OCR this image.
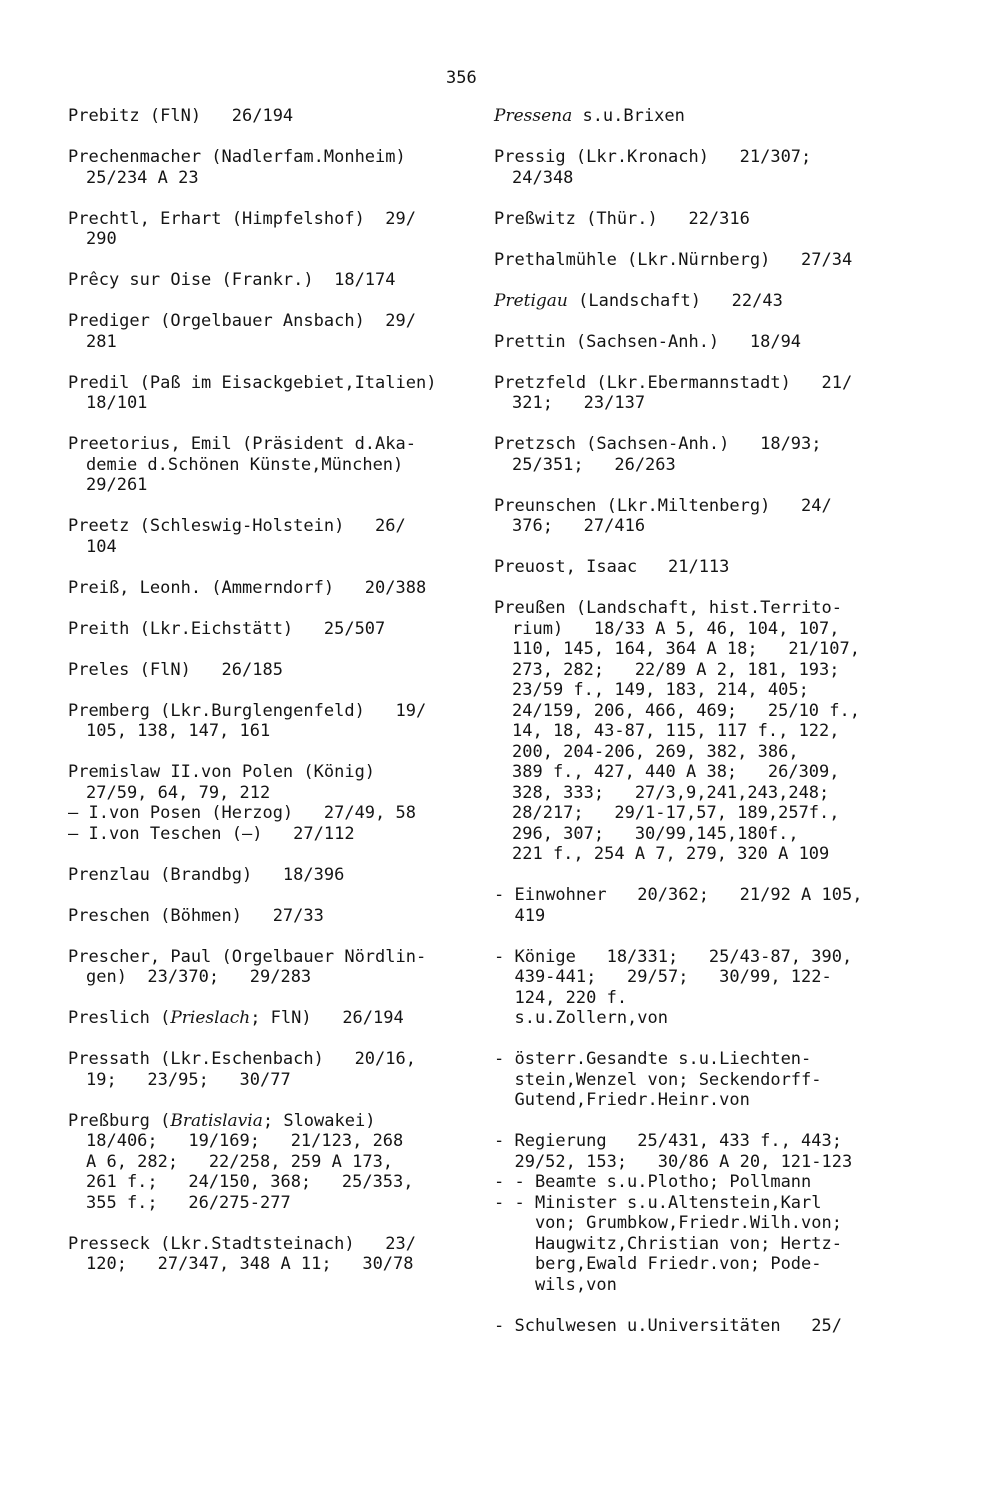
356
Prebitz (FlN)   26/194
Prechenmacher (Nadlerfam.Monheim)
25/234 A 23
Prechtl, Erhart (Himpfelshof)  29/
290
Prêcy sur Oise (Frankr.)  18/174
Prediger (Orgelbauer Ansbach)  29/
281
Predil (Paß im Eisackgebiet,Italien)
18/101
Preetorius, Emil (Präsident d.Aka-
demie d.Schönen Künste,München)
29/261
Preetz (Schleswig-Holstein)   26/
104
Preiß, Leonh. (Ammerndorf)   20/388
Preith (Lkr.Eichstätt)   25/507
Preles (FlN)   26/185
Premberg (Lkr.Burglengenfeld)   19/
105, 138, 147, 161
Premislaw II.von Polen (König)
27/59, 64, 79, 212
— I.von Posen (Herzog)   27/49, 58
— I.von Teschen (—)   27/112
Prenzlau (Brandbg)   18/396
Preschen (Böhmen)   27/33
Prescher, Paul (Orgelbauer Nördlin-
gen)  23/370;   29/283
Preslich (Prieslach; FlN)   26/194
Pressath (Lkr.Eschenbach)   20/16,
19;   23/95;   30/77
Preßburg (Bratislavia; Slowakei)
18/406;   19/169;   21/123, 268
A 6, 282;   22/258, 259 A 173,
261 f.;   24/150, 368;   25/353,
355 f.;   26/275-277
Presseck (Lkr.Stadtsteinach)   23/
120;   27/347, 348 A 11;   30/78
Pressena s.u.Brixen
Pressig (Lkr.Kronach)   21/307;
24/348
Preßwitz (Thür.)   22/316
Prethalmühle (Lkr.Nürnberg)   27/34
Pretigau (Landschaft)   22/43
Prettin (Sachsen-Anh.)   18/94
Pretzfeld (Lkr.Ebermannstadt)   21/
321;   23/137
Pretzsch (Sachsen-Anh.)   18/93;
25/351;   26/263
Preunschen (Lkr.Miltenberg)   24/
376;   27/416
Preuost, Isaac   21/113
Preußen (Landschaft, hist.Territo-
rium)   18/33 A 5, 46, 104, 107,
110, 145, 164, 364 A 18;   21/107,
273, 282;   22/89 A 2, 181, 193;
23/59 f., 149, 183, 214, 405;
24/159, 206, 466, 469;   25/10 f.,
14, 18, 43-87, 115, 117 f., 122,
200, 204-206, 269, 382, 386,
389 f., 427, 440 A 38;   26/309,
328, 333;   27/3,9,241,243,248;
28/217;   29/1-17,57, 189,257f.,
296, 307;   30/99,145,180f.,
221 f., 254 A 7, 279, 320 A 109
- Einwohner   20/362;   21/92 A 105,
419
- Könige   18/331;   25/43-87, 390,
439-441;   29/57;   30/99, 122-
124, 220 f.
s.u.Zollern,von
- österr.Gesandte s.u.Liechten-
stein,Wenzel von; Seckendorff-
Gutend,Friedr.Heinr.von
- Regierung   25/431, 433 f., 443;
29/52, 153;   30/86 A 20, 121-123
- - Beamte s.u.Plotho; Pollmann
- - Minister s.u.Altenstein,Karl
von; Grumbkow,Friedr.Wilh.von;
Haugwitz,Christian von; Hertz-
berg,Ewald Friedr.von; Pode-
wils,von
- Schulwesen u.Universitäten   25/
